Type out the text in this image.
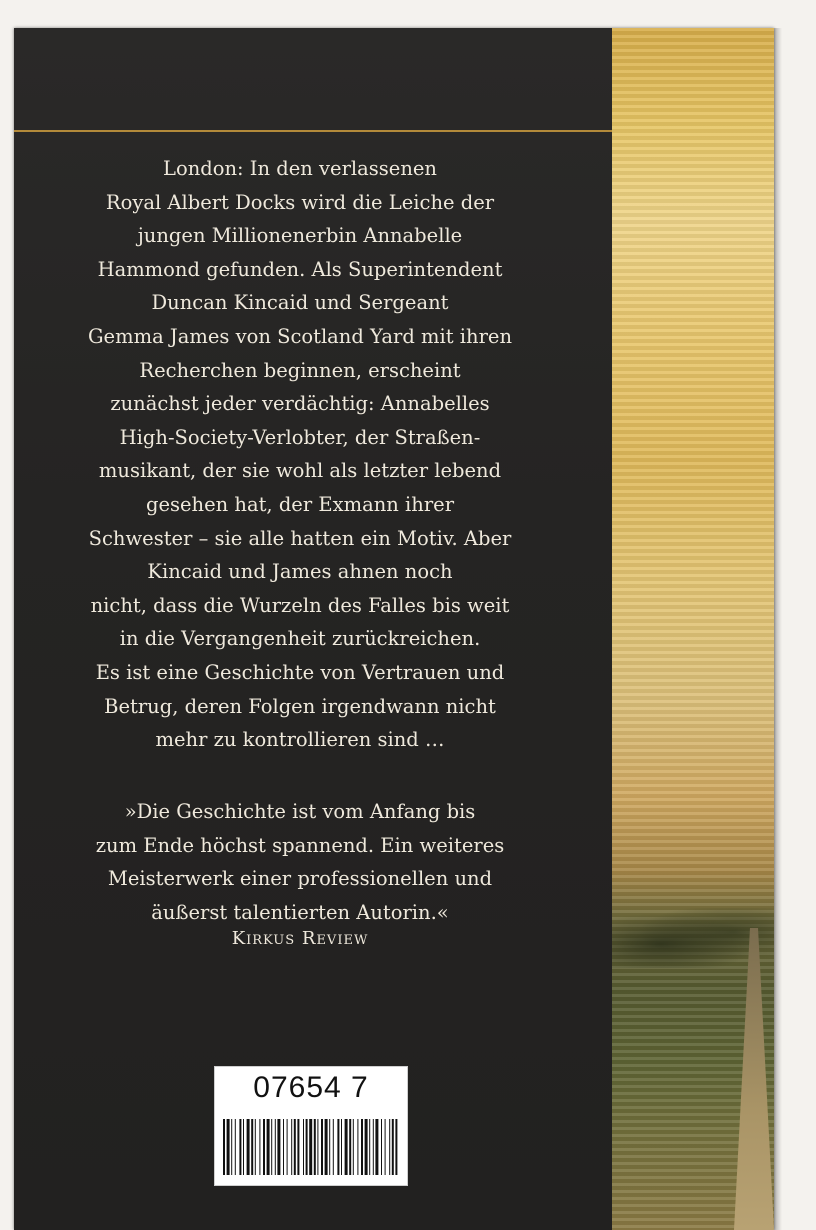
London: In den verlassenen
Royal Albert Docks wird die Leiche der
jungen Millionenerbin Annabelle
Hammond gefunden. Als Superintendent
Duncan Kincaid und Sergeant
Gemma James von Scotland Yard mit ihren
Recherchen beginnen, erscheint
zunächst jeder verdächtig: Annabelles
High-Society-Verlobter, der Straßen-
musikant, der sie wohl als letzter lebend
gesehen hat, der Exmann ihrer
Schwester – sie alle hatten ein Motiv. Aber
Kincaid und James ahnen noch
nicht, dass die Wurzeln des Falles bis weit
in die Vergangenheit zurückreichen.
Es ist eine Geschichte von Vertrauen und
Betrug, deren Folgen irgendwann nicht
mehr zu kontrollieren sind …

»Die Geschichte ist vom Anfang bis
zum Ende höchst spannend. Ein weiteres
Meisterwerk einer professionellen und
äußerst talentierten Autorin.«

Kirkus Review
07654 7
